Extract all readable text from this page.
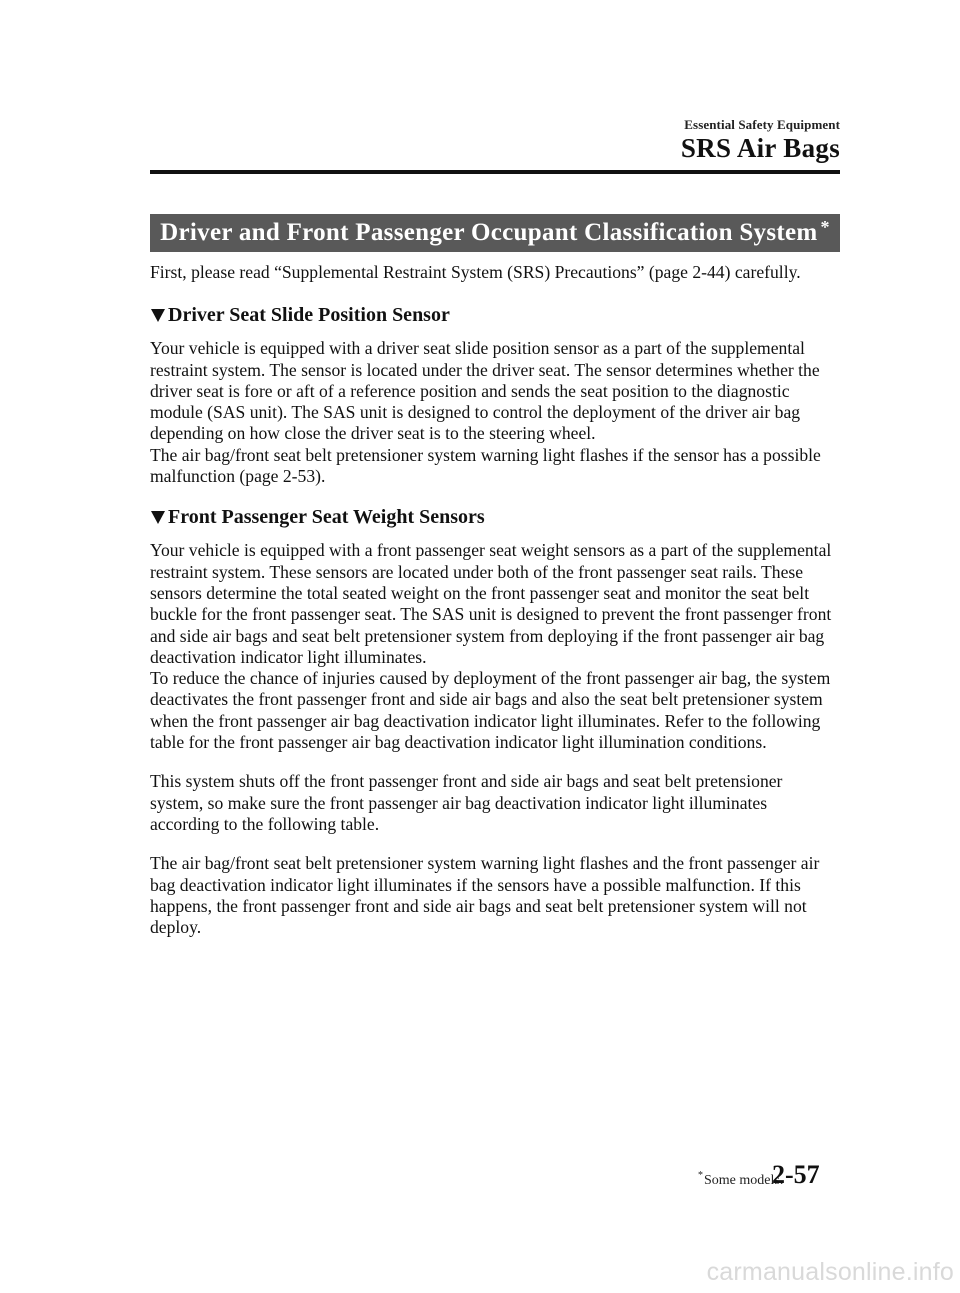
Essential Safety Equipment
SRS Air Bags
Driver and Front Passenger Occupant Classification System *

First, please read “Supplemental Restraint System (SRS) Precautions” (page 2-44) carefully.

Driver Seat Slide Position Sensor

Your vehicle is equipped with a driver seat slide position sensor as a part of the supplemental restraint system. The sensor is located under the driver seat. The sensor determines whether the driver seat is fore or aft of a reference position and sends the seat position to the diagnostic module (SAS unit). The SAS unit is designed to control the deployment of the driver air bag depending on how close the driver seat is to the steering wheel.

The air bag/front seat belt pretensioner system warning light flashes if the sensor has a possible malfunction (page 2-53).

Front Passenger Seat Weight Sensors

Your vehicle is equipped with a front passenger seat weight sensors as a part of the supplemental restraint system. These sensors are located under both of the front passenger seat rails. These sensors determine the total seated weight on the front passenger seat and monitor the seat belt buckle for the front passenger seat. The SAS unit is designed to prevent the front passenger front and side air bags and seat belt pretensioner system from deploying if the front passenger air bag deactivation indicator light illuminates.

To reduce the chance of injuries caused by deployment of the front passenger air bag, the system deactivates the front passenger front and side air bags and also the seat belt pretensioner system when the front passenger air bag deactivation indicator light illuminates. Refer to the following table for the front passenger air bag deactivation indicator light illumination conditions.

This system shuts off the front passenger front and side air bags and seat belt pretensioner system, so make sure the front passenger air bag deactivation indicator light illuminates according to the following table.

The air bag/front seat belt pretensioner system warning light flashes and the front passenger air bag deactivation indicator light illuminates if the sensors have a possible malfunction. If this happens, the front passenger front and side air bags and seat belt pretensioner system will not deploy.

*Some models.
2-57
carmanualsonline.info
